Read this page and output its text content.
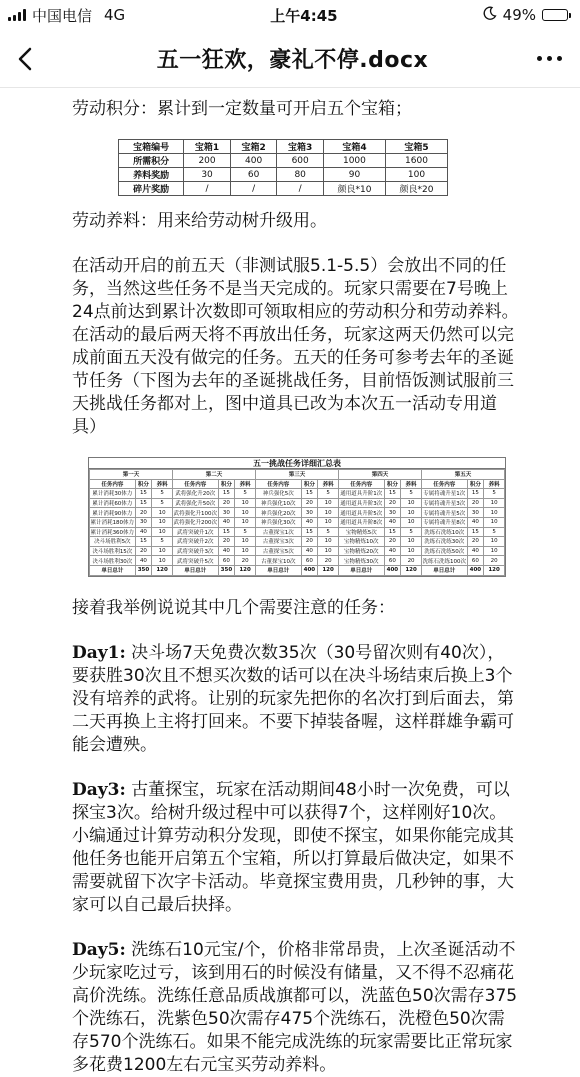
中国电信 4G	上午4:45	49%
五一狂欢，豪礼不停.docx

劳动积分：累计到一定数量可开启五个宝箱；

宝箱编号	宝箱1	宝箱2	宝箱3	宝箱4	宝箱5
所需积分	200	400	600	1000	1600
养料奖励	30	60	80	90	100
碎片奖励	/	/	/	颜良*10	颜良*20

劳动养料：用来给劳动树升级用。

在活动开启的前五天（非测试服5.1-5.5）会放出不同的任务，当然这些任务不是当天完成的。玩家只需要在7号晚上24点前达到累计次数即可领取相应的劳动积分和劳动养料。在活动的最后两天将不再放出任务，玩家这两天仍然可以完成前面五天没有做完的任务。五天的任务可参考去年的圣诞节任务（下图为去年的圣诞挑战任务，目前悟饭测试服前三天挑战任务都对上，图中道具已改为本次五一活动专用道具）

五一挑战任务详细汇总表
第一天			第二天			第三天			第四天			第五天		
任务内容	积分	养料	任务内容	积分	养料	任务内容	积分	养料	任务内容	积分	养料	任务内容	积分	养料
累计消耗30体力	15	5	武将强化升20次	15	5	神兵强化5次	15	5	通用道具升阶1次	15	5	专属将魂升星1次	15	5
累计消耗60体力	15	5	武将强化升50次	20	10	神兵强化10次	20	10	通用道具升阶3次	20	10	专属将魂升星3次	20	10
累计消耗90体力	20	10	武将强化升100次	30	10	神兵强化20次	30	10	通用道具升阶5次	30	10	专属将魂升星5次	30	10
累计消耗180体力	30	10	武将强化升200次	40	10	神兵强化30次	40	10	通用道具升阶8次	40	10	专属将魂升星8次	40	10
累计消耗360体力	40	10	武将突破升1次	15	5	古董探宝1次	15	5	宝物精炼5次	15	5	洗练石洗练10次	15	5
决斗场胜利5次	15	5	武将突破升2次	20	10	古董探宝3次	20	10	宝物精炼10次	20	10	洗练石洗练30次	20	10
决斗场胜利15次	20	10	武将突破升3次	40	10	古董探宝5次	40	10	宝物精炼20次	40	10	洗练石洗练50次	40	10
决斗场胜利30次	40	10	武将突破升5次	60	20	古董探宝10次	60	20	宝物精炼30次	60	20	洗练石洗练100次	60	20
单日总计	350	120	单日总计	350	120	单日总计	400	120	单日总计	400	120	单日总计	400	120

接着我举例说说其中几个需要注意的任务：

Day1: 决斗场7天免费次数35次（30号留次则有40次），要获胜30次且不想买次数的话可以在决斗场结束后换上3个没有培养的武将。让别的玩家先把你的名次打到后面去，第二天再换上主将打回来。不要下掉装备喔，这样群雄争霸可能会遭殃。

Day3: 古董探宝，玩家在活动期间48小时一次免费，可以探宝3次。给树升级过程中可以获得7个，这样刚好10次。小编通过计算劳动积分发现，即使不探宝，如果你能完成其他任务也能开启第五个宝箱，所以打算最后做决定，如果不需要就留下次字卡活动。毕竟探宝费用贵，几秒钟的事，大家可以自己最后抉择。

Day5: 洗练石10元宝/个，价格非常昂贵，上次圣诞活动不少玩家吃过亏，该到用石的时候没有储量，又不得不忍痛花高价洗练。洗练任意品质战旗都可以，洗蓝色50次需存375个洗练石，洗紫色50次需存475个洗练石，洗橙色50次需存570个洗练石。如果不能完成洗练的玩家需要比正常玩家多花费1200左右元宝买劳动养料。
